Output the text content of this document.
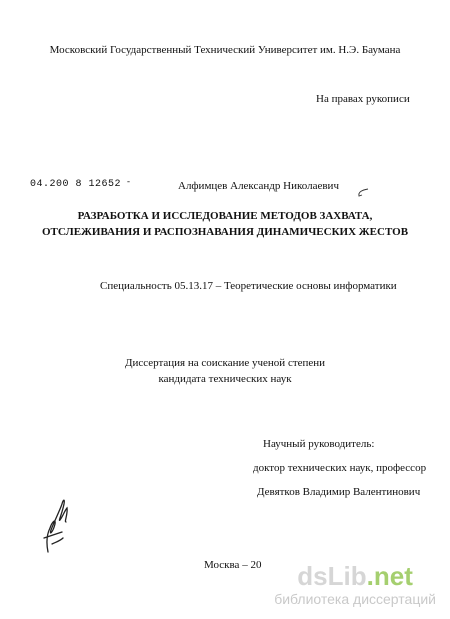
Московский Государственный Технический Университет им. Н.Э. Баумана
На правах рукописи
04.200 8 12652 -	Алфимцев Александр Николаевич
РАЗРАБОТКА И ИССЛЕДОВАНИЕ МЕТОДОВ ЗАХВАТА,
ОТСЛЕЖИВАНИЯ И РАСПОЗНАВАНИЯ ДИНАМИЧЕСКИХ ЖЕСТОВ
Специальность 05.13.17 – Теоретические основы информатики
Диссертация на соискание ученой степени
кандидата технических наук
Научный руководитель:
доктор технических наук, профессор
Девятков Владимир Валентинович
Москва – 20	dsLib.net
библиотека диссертаций
